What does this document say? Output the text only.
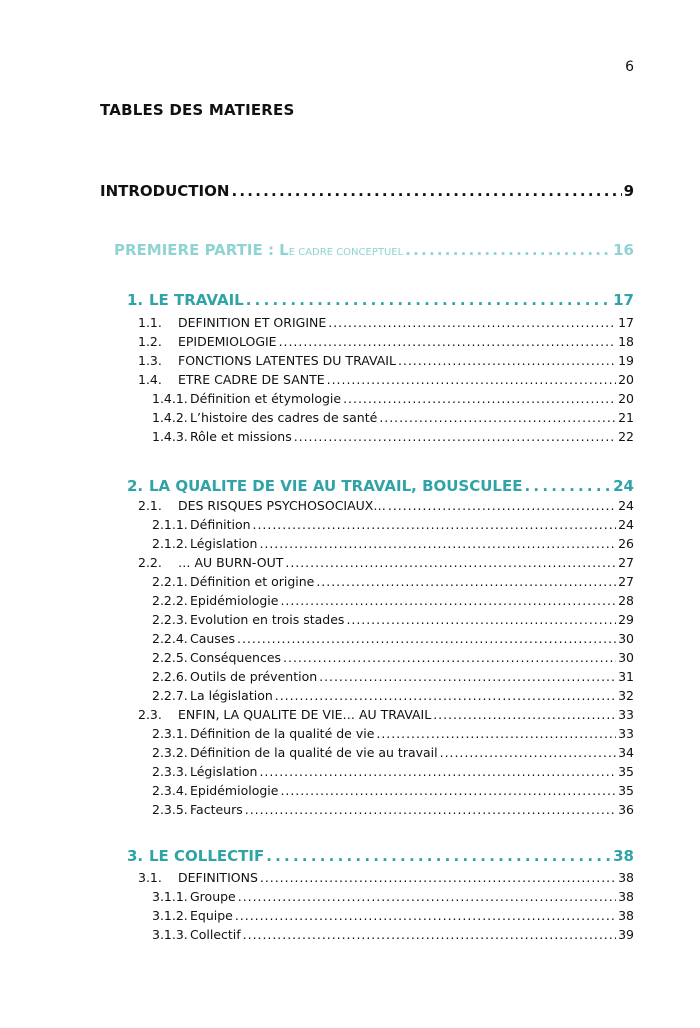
6
TABLES DES MATIERES
INTRODUCTION . . .	9
PREMIERE PARTIE : LE CADRE CONCEPTUEL . . .	16
1. LE TRAVAIL . . .	17
1.1.	DEFINITION ET ORIGINE . . .	17
1.2.	EPIDEMIOLOGIE . . .	18
1.3.	FONCTIONS LATENTES DU TRAVAIL . . .	19
1.4.	ETRE CADRE DE SANTE . . .	20
1.4.1. Définition et étymologie . . .	20
1.4.2. L’histoire des cadres de santé . . .	21
1.4.3. Rôle et missions . . .	22
2. LA QUALITE DE VIE AU TRAVAIL, BOUSCULEE . . .	24
2.1.	DES RISQUES PSYCHOSOCIAUX… . . .	24
2.1.1. Définition . . .	24
2.1.2. Législation . . .	26
2.2.	… AU BURN-OUT . . .	27
2.2.1. Définition et origine . . .	27
2.2.2. Epidémiologie . . .	28
2.2.3. Evolution en trois stades . . .	29
2.2.4. Causes . . .	30
2.2.5. Conséquences . . .	30
2.2.6. Outils de prévention . . .	31
2.2.7. La législation . . .	32
2.3.	ENFIN, LA QUALITE DE VIE… AU TRAVAIL . . .	33
2.3.1. Définition de la qualité de vie . . .	33
2.3.2. Définition de la qualité de vie au travail . . .	34
2.3.3. Législation . . .	35
2.3.4. Epidémiologie . . .	35
2.3.5. Facteurs . . .	36
3. LE COLLECTIF . . .	38
3.1.	DEFINITIONS . . .	38
3.1.1. Groupe . . .	38
3.1.2. Equipe . . .	38
3.1.3. Collectif . . .	39
